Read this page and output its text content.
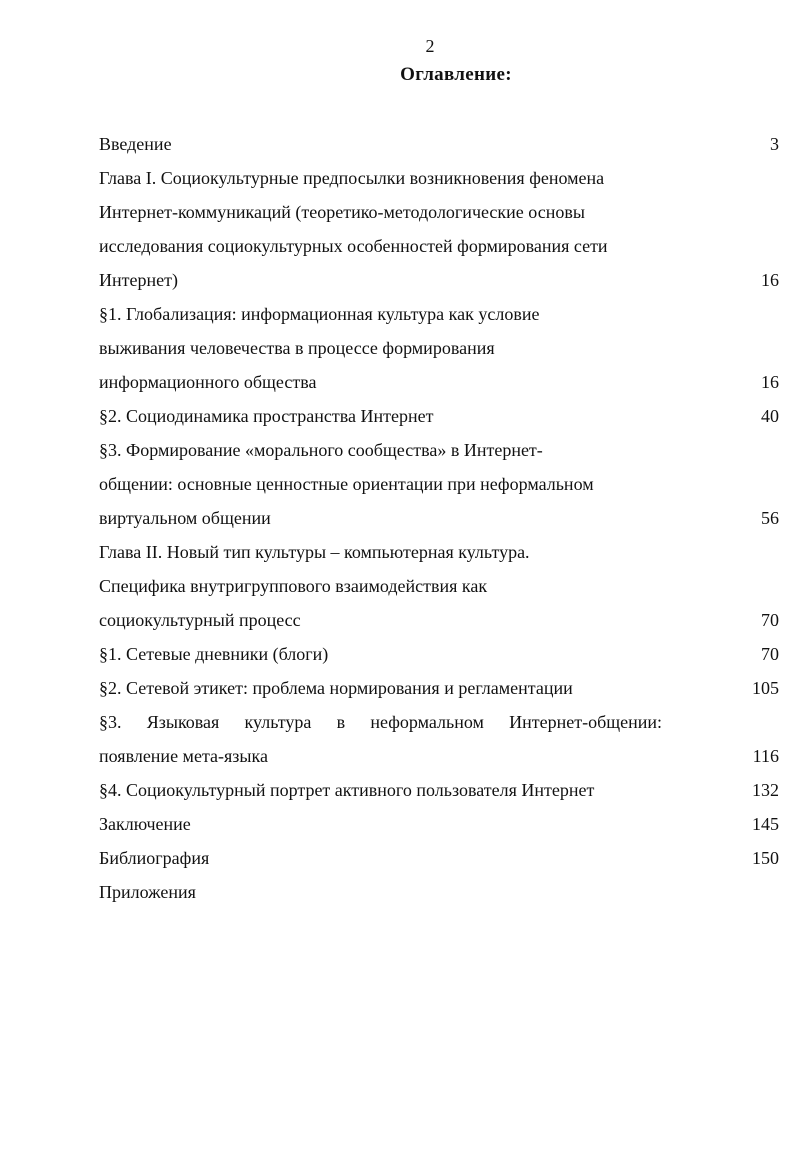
2
Оглавление:
Введение	3
Глава I. Социокультурные предпосылки возникновения феномена
Интернет-коммуникаций (теоретико-методологические основы
исследования социокультурных особенностей формирования сети
Интернет)	16
§1. Глобализация: информационная культура как условие
выживания человечества в процессе формирования
информационного общества	16
§2. Социодинамика пространства Интернет	40
§3. Формирование «морального сообщества» в Интернет-
общении: основные ценностные ориентации при неформальном
виртуальном общении	56
Глава II. Новый тип культуры – компьютерная культура.
Специфика внутригруппового взаимодействия как
социокультурный процесс	70
§1. Сетевые дневники (блоги)	70
§2. Сетевой этикет: проблема нормирования и регламентации	105
§3. Языковая культура в неформальном Интернет-общении:
появление мета-языка	116
§4. Социокультурный портрет активного пользователя Интернет	132
Заключение	145
Библиография	150
Приложения
